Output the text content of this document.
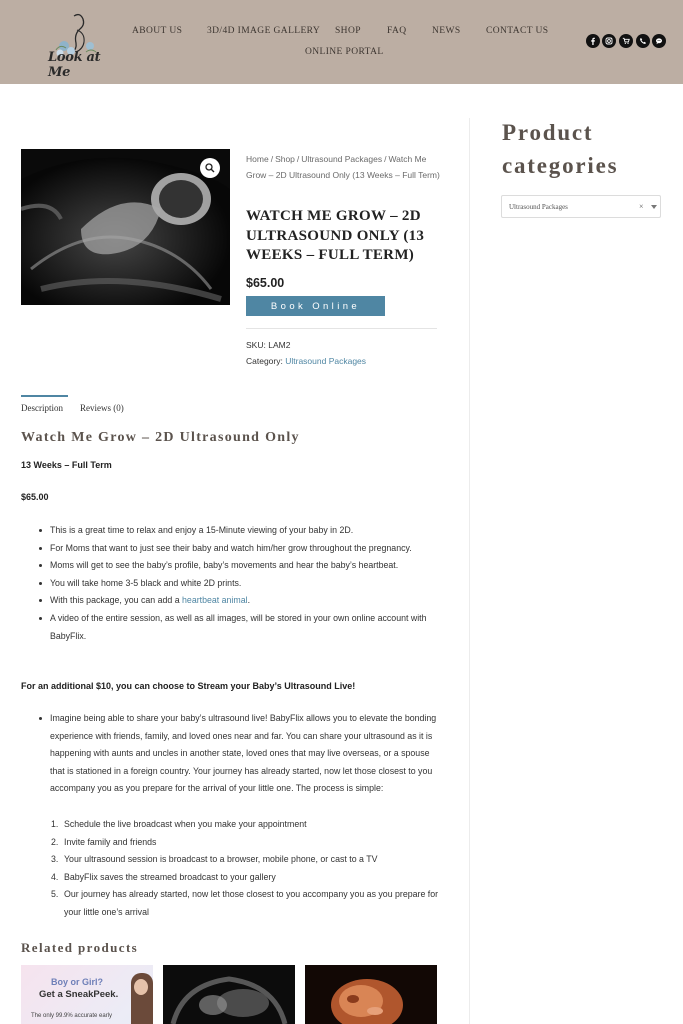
Look at Me
ABOUT US	3D/4D IMAGE GALLERY SHOP	FAQ	NEWS	CONTACT US
ONLINE PORTAL
Home / Shop / Ultrasound Packages / Watch Me Grow – 2D Ultrasound Only (13 Weeks – Full Term)
WATCH ME GROW – 2D ULTRASOUND ONLY (13 WEEKS – FULL TERM)
$65.00
Book Online
SKU: LAM2
Category: Ultrasound Packages
Description Reviews (0)
Watch Me Grow – 2D Ultrasound Only
13 Weeks – Full Term
$65.00
This is a great time to relax and enjoy a 15-Minute viewing of your baby in 2D.
For Moms that want to just see their baby and watch him/her grow throughout the pregnancy.
Moms will get to see the baby’s profile, baby’s movements and hear the baby’s heartbeat.
You will take home 3-5 black and white 2D prints.
With this package, you can add a heartbeat animal.
A video of the entire session, as well as all images, will be stored in your own online account with BabyFlix.
For an additional $10, you can choose to Stream your Baby’s Ultrasound Live!
Imagine being able to share your baby’s ultrasound live! BabyFlix allows you to elevate the bonding experience with friends, family, and loved ones near and far. You can share your ultrasound as it is happening with aunts and uncles in another state, loved ones that may live overseas, or a spouse that is stationed in a foreign country. Your journey has already started, now let those closest to you accompany you as you prepare for the arrival of your little one. The process is simple:
1. Schedule the live broadcast when you make your appointment
2. Invite family and friends
3. Your ultrasound session is broadcast to a browser, mobile phone, or cast to a TV
4. BabyFlix saves the streamed broadcast to your gallery
5. Our journey has already started, now let those closest to you accompany you as you prepare for your little one’s arrival
Related products
Boy or Girl?
Get a SneakPeek.
The only 99.9% accurate early
Product categories
Ultrasound Packages	×
